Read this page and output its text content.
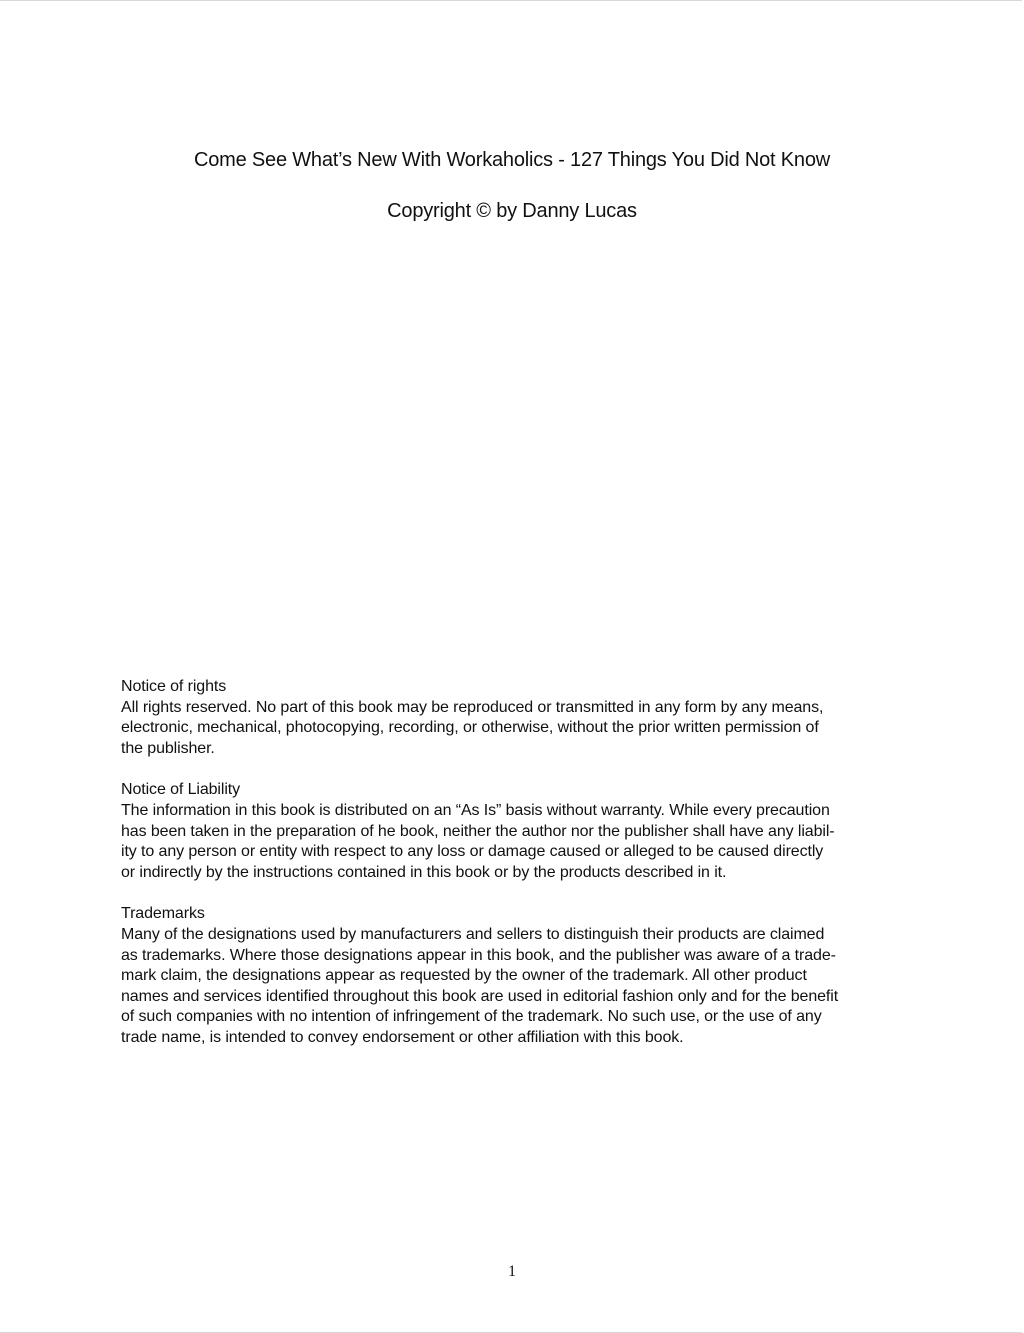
Come See What’s New With Workaholics - 127 Things You Did Not Know
Copyright © by Danny Lucas
Notice of rights
All rights reserved. No part of this book may be reproduced or transmitted in any form by any means,
electronic, mechanical, photocopying, recording, or otherwise, without the prior written permission of
the publisher.
Notice of Liability
The information in this book is distributed on an “As Is” basis without warranty. While every precaution
has been taken in the preparation of he book, neither the author nor the publisher shall have any liabil-
ity to any person or entity with respect to any loss or damage caused or alleged to be caused directly
or indirectly by the instructions contained in this book or by the products described in it.
Trademarks
Many of the designations used by manufacturers and sellers to distinguish their products are claimed
as trademarks. Where those designations appear in this book, and the publisher was aware of a trade-
mark claim, the designations appear as requested by the owner of the trademark. All other product
names and services identified throughout this book are used in editorial fashion only and for the benefit
of such companies with no intention of infringement of the trademark. No such use, or the use of any
trade name, is intended to convey endorsement or other affiliation with this book.
1
